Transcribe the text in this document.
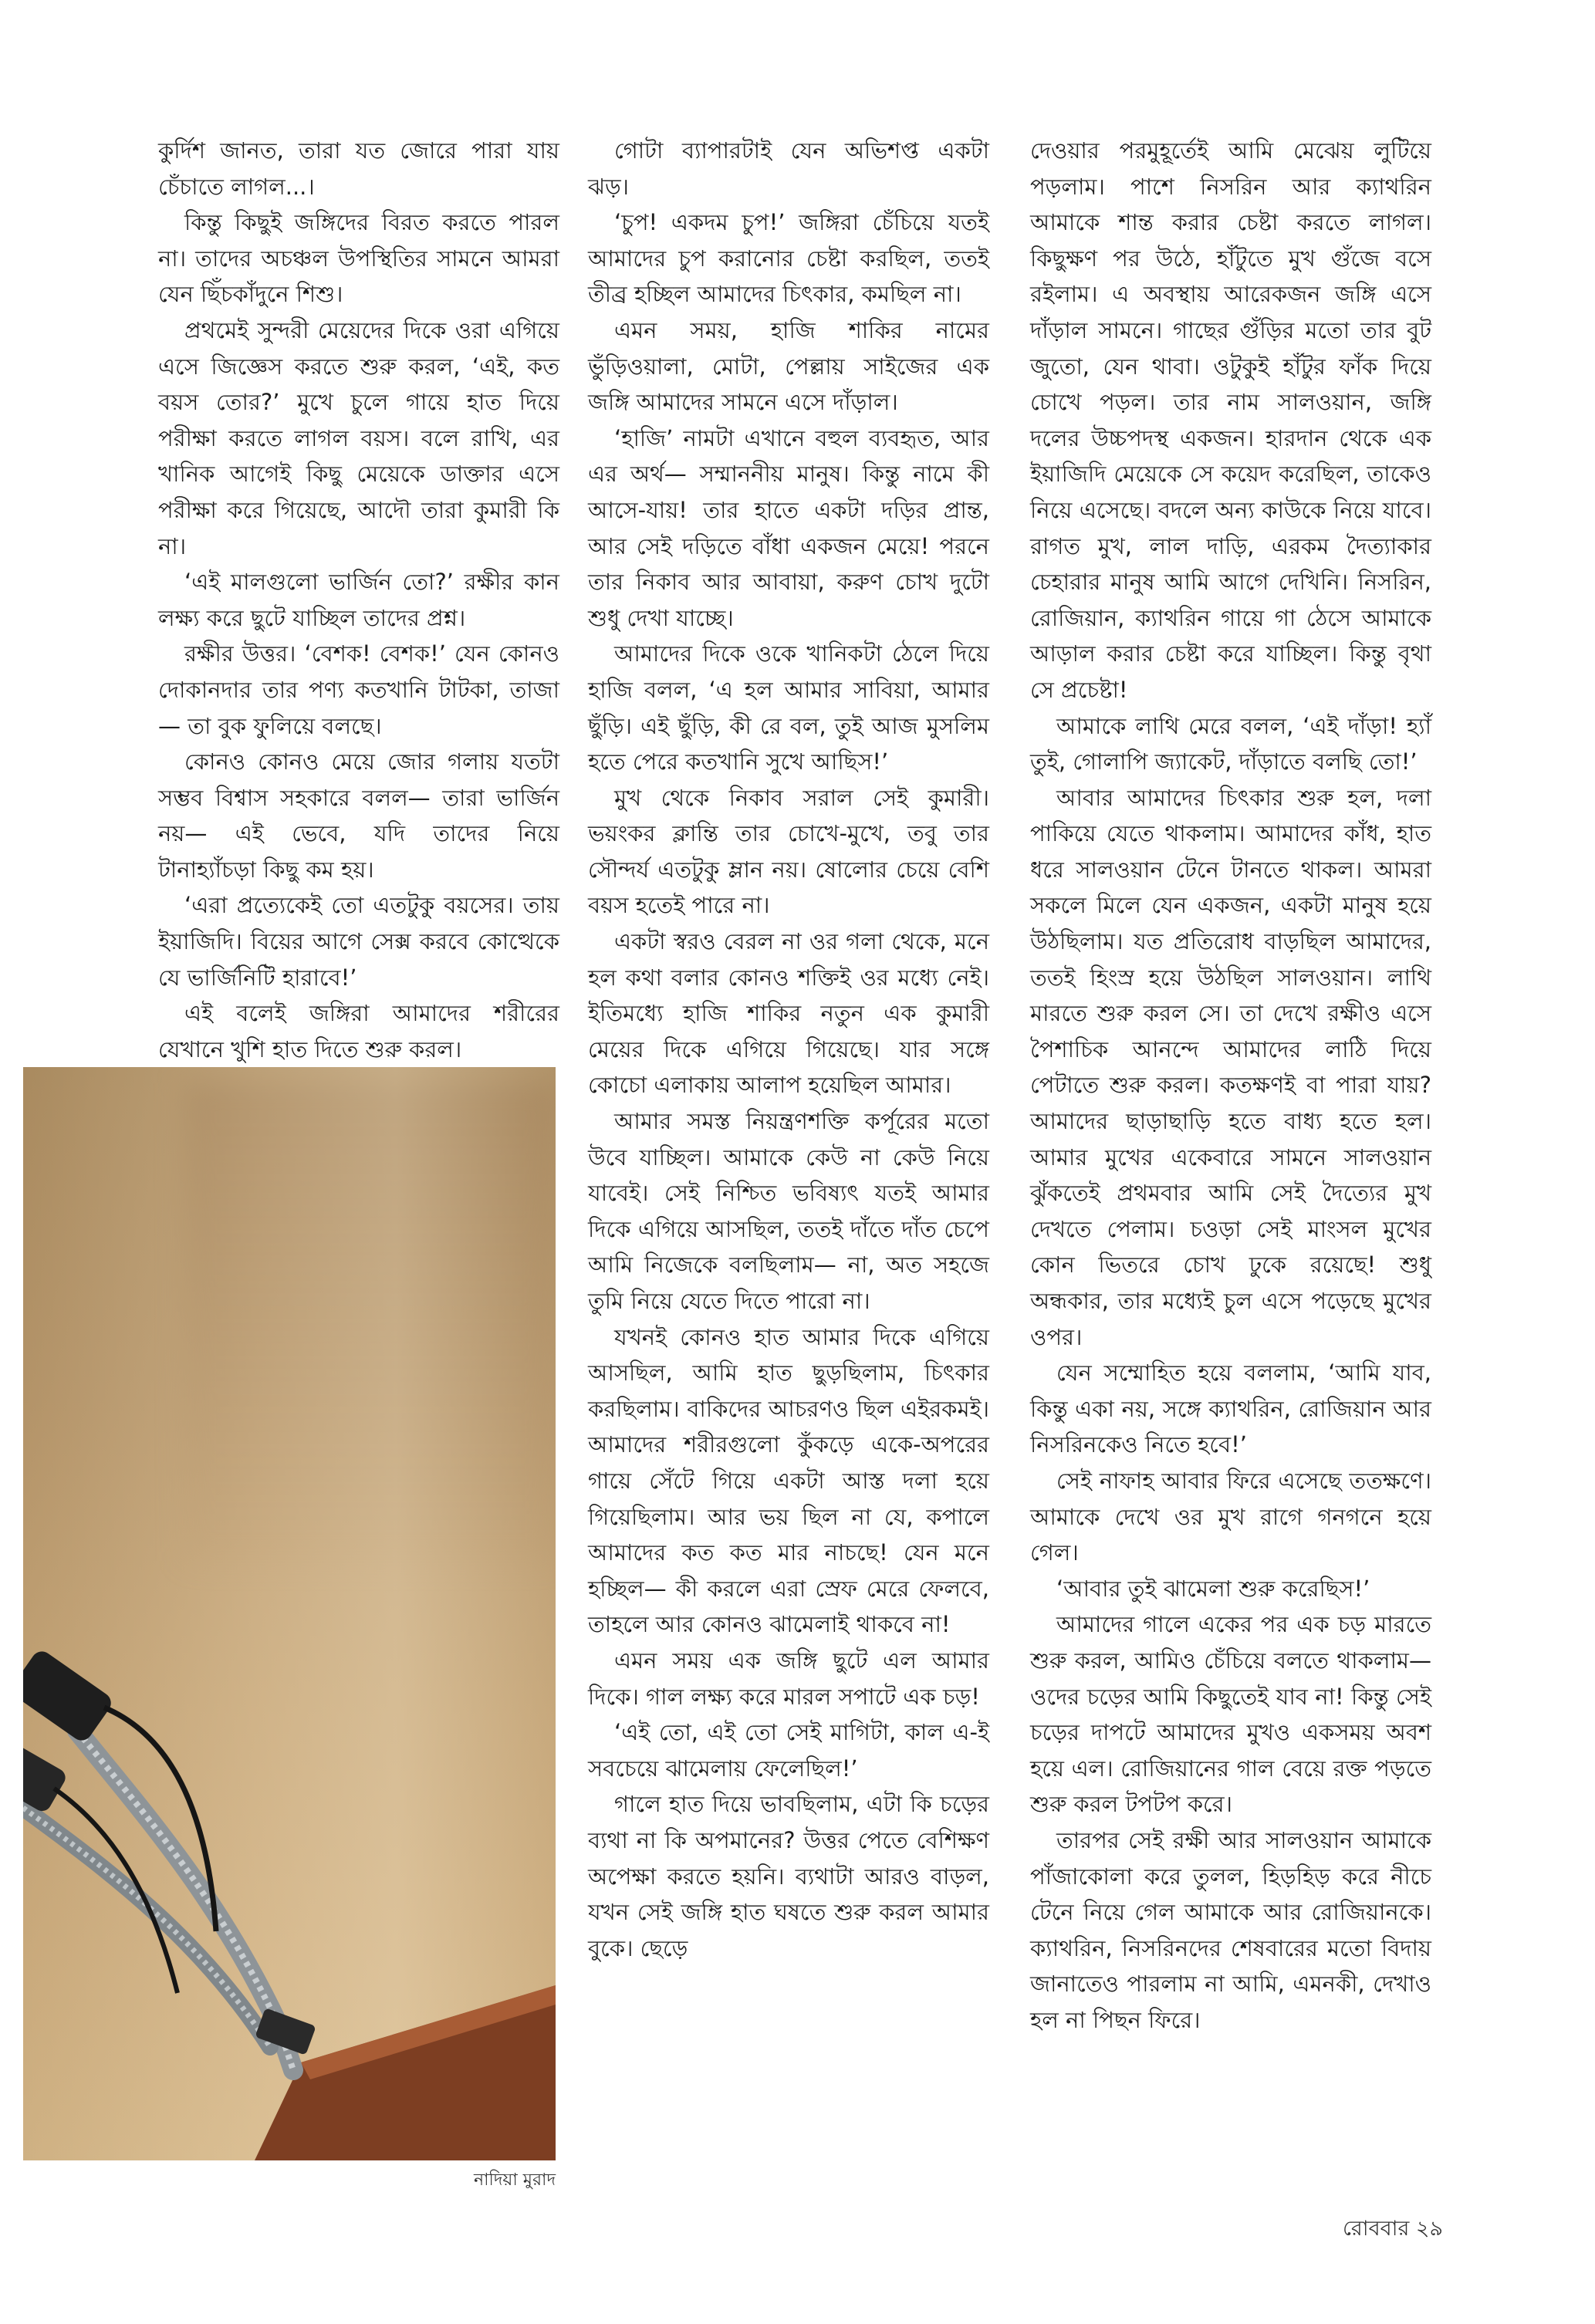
কুর্দিশ জানত, তারা যত জোরে পারা যায় চেঁচাতে লাগল...।

কিন্তু কিছুই জঙ্গিদের বিরত করতে পারল না। তাদের অচঞ্চল উপস্থিতির সামনে আমরা যেন ছিঁচকাঁদুনে শিশু।

প্রথমেই সুন্দরী মেয়েদের দিকে ওরা এগিয়ে এসে জিজ্ঞেস করতে শুরু করল, ‘এই, কত বয়স তোর?’ মুখে চুলে গায়ে হাত দিয়ে পরীক্ষা করতে লাগল বয়স। বলে রাখি, এর খানিক আগেই কিছু মেয়েকে ডাক্তার এসে পরীক্ষা করে গিয়েছে, আদৌ তারা কুমারী কি না।

‘এই মালগুলো ভার্জিন তো?’ রক্ষীর কান লক্ষ্য করে ছুটে যাচ্ছিল তাদের প্রশ্ন।

রক্ষীর উত্তর। ‘বেশক! বেশক!’ যেন কোনও দোকানদার তার পণ্য কতখানি টাটকা, তাজা— তা বুক ফুলিয়ে বলছে।

কোনও কোনও মেয়ে জোর গলায় যতটা সম্ভব বিশ্বাস সহকারে বলল— তারা ভার্জিন নয়— এই ভেবে, যদি তাদের নিয়ে টানাহ্যাঁচড়া কিছু কম হয়।

‘এরা প্রত্যেকেই তো এতটুকু বয়সের। তায় ইয়াজিদি। বিয়ের আগে সেক্স করবে কোত্থেকে যে ভার্জিনিটি হারাবে!’

এই বলেই জঙ্গিরা আমাদের শরীরের যেখানে খুশি হাত দিতে শুরু করল।

গোটা ব্যাপারটাই যেন অভিশপ্ত একটা ঝড়।

‘চুপ! একদম চুপ!’ জঙ্গিরা চেঁচিয়ে যতই আমাদের চুপ করানোর চেষ্টা করছিল, ততই তীব্র হচ্ছিল আমাদের চিৎকার, কমছিল না।

এমন সময়, হাজি শাকির নামের ভুঁড়িওয়ালা, মোটা, পেল্লায় সাইজের এক জঙ্গি আমাদের সামনে এসে দাঁড়াল।

‘হাজি’ নামটা এখানে বহুল ব্যবহৃত, আর এর অর্থ— সম্মাননীয় মানুষ। কিন্তু নামে কী আসে-যায়! তার হাতে একটা দড়ির প্রান্ত, আর সেই দড়িতে বাঁধা একজন মেয়ে! পরনে তার নিকাব আর আবায়া, করুণ চোখ দুটো শুধু দেখা যাচ্ছে।

আমাদের দিকে ওকে খানিকটা ঠেলে দিয়ে হাজি বলল, ‘এ হল আমার সাবিয়া, আমার ছুঁড়ি। এই ছুঁড়ি, কী রে বল, তুই আজ মুসলিম হতে পেরে কতখানি সুখে আছিস!’

মুখ থেকে নিকাব সরাল সেই কুমারী। ভয়ংকর ক্লান্তি তার চোখে-মুখে, তবু তার সৌন্দর্য এতটুকু ম্লান নয়। ষোলোর চেয়ে বেশি বয়স হতেই পারে না।

একটা স্বরও বেরল না ওর গলা থেকে, মনে হল কথা বলার কোনও শক্তিই ওর মধ্যে নেই। ইতিমধ্যে হাজি শাকির নতুন এক কুমারী মেয়ের দিকে এগিয়ে গিয়েছে। যার সঙ্গে কোচো এলাকায় আলাপ হয়েছিল আমার।

আমার সমস্ত নিয়ন্ত্রণশক্তি কর্পূরের মতো উবে যাচ্ছিল। আমাকে কেউ না কেউ নিয়ে যাবেই। সেই নিশ্চিত ভবিষ্যৎ যতই আমার দিকে এগিয়ে আসছিল, ততই দাঁতে দাঁত চেপে আমি নিজেকে বলছিলাম— না, অত সহজে তুমি নিয়ে যেতে দিতে পারো না।

যখনই কোনও হাত আমার দিকে এগিয়ে আসছিল, আমি হাত ছুড়ছিলাম, চিৎকার করছিলাম। বাকিদের আচরণও ছিল এইরকমই। আমাদের শরীরগুলো কুঁকড়ে একে-অপরের গায়ে সেঁটে গিয়ে একটা আস্ত দলা হয়ে গিয়েছিলাম। আর ভয় ছিল না যে, কপালে আমাদের কত কত মার নাচছে! যেন মনে হচ্ছিল— কী করলে এরা স্রেফ মেরে ফেলবে, তাহলে আর কোনও ঝামেলাই থাকবে না!

এমন সময় এক জঙ্গি ছুটে এল আমার দিকে। গাল লক্ষ্য করে মারল সপাটে এক চড়!

‘এই তো, এই তো সেই মাগিটা, কাল এ-ই সবচেয়ে ঝামেলায় ফেলেছিল!’

গালে হাত দিয়ে ভাবছিলাম, এটা কি চড়ের ব্যথা না কি অপমানের? উত্তর পেতে বেশিক্ষণ অপেক্ষা করতে হয়নি। ব্যথাটা আরও বাড়ল, যখন সেই জঙ্গি হাত ঘষতে শুরু করল আমার বুকে। ছেড়ে

দেওয়ার পরমুহূর্তেই আমি মেঝেয় লুটিয়ে পড়লাম। পাশে নিসরিন আর ক্যাথরিন আমাকে শান্ত করার চেষ্টা করতে লাগল। কিছুক্ষণ পর উঠে, হাঁটুতে মুখ গুঁজে বসে রইলাম। এ অবস্থায় আরেকজন জঙ্গি এসে দাঁড়াল সামনে। গাছের গুঁড়ির মতো তার বুট জুতো, যেন থাবা। ওটুকুই হাঁটুর ফাঁক দিয়ে চোখে পড়ল। তার নাম সালওয়ান, জঙ্গি দলের উচ্চপদস্থ একজন। হারদান থেকে এক ইয়াজিদি মেয়েকে সে কয়েদ করেছিল, তাকেও নিয়ে এসেছে। বদলে অন্য কাউকে নিয়ে যাবে। রাগত মুখ, লাল দাড়ি, এরকম দৈত্যাকার চেহারার মানুষ আমি আগে দেখিনি। নিসরিন, রোজিয়ান, ক্যাথরিন গায়ে গা ঠেসে আমাকে আড়াল করার চেষ্টা করে যাচ্ছিল। কিন্তু বৃথা সে প্রচেষ্টা!

আমাকে লাথি মেরে বলল, ‘এই দাঁড়া! হ্যাঁ তুই, গোলাপি জ্যাকেট, দাঁড়াতে বলছি তো!’

আবার আমাদের চিৎকার শুরু হল, দলা পাকিয়ে যেতে থাকলাম। আমাদের কাঁধ, হাত ধরে সালওয়ান টেনে টানতে থাকল। আমরা সকলে মিলে যেন একজন, একটা মানুষ হয়ে উঠছিলাম। যত প্রতিরোধ বাড়ছিল আমাদের, ততই হিংস্র হয়ে উঠছিল সালওয়ান। লাথি মারতে শুরু করল সে। তা দেখে রক্ষীও এসে পৈশাচিক আনন্দে আমাদের লাঠি দিয়ে পেটাতে শুরু করল। কতক্ষণই বা পারা যায়? আমাদের ছাড়াছাড়ি হতে বাধ্য হতে হল। আমার মুখের একেবারে সামনে সালওয়ান ঝুঁকতেই প্রথমবার আমি সেই দৈত্যের মুখ দেখতে পেলাম। চওড়া সেই মাংসল মুখের কোন ভিতরে চোখ ঢুকে রয়েছে! শুধু অন্ধকার, তার মধ্যেই চুল এসে পড়েছে মুখের ওপর।

যেন সম্মোহিত হয়ে বললাম, ‘আমি যাব, কিন্তু একা নয়, সঙ্গে ক্যাথরিন, রোজিয়ান আর নিসরিনকেও নিতে হবে!’

সেই নাফাহ আবার ফিরে এসেছে ততক্ষণে। আমাকে দেখে ওর মুখ রাগে গনগনে হয়ে গেল।

‘আবার তুই ঝামেলা শুরু করেছিস!’

আমাদের গালে একের পর এক চড় মারতে শুরু করল, আমিও চেঁচিয়ে বলতে থাকলাম— ওদের চড়ের আমি কিছুতেই যাব না! কিন্তু সেই চড়ের দাপটে আমাদের মুখও একসময় অবশ হয়ে এল। রোজিয়ানের গাল বেয়ে রক্ত পড়তে শুরু করল টপটপ করে।

তারপর সেই রক্ষী আর সালওয়ান আমাকে পাঁজাকোলা করে তুলল, হিড়হিড় করে নীচে টেনে নিয়ে গেল আমাকে আর রোজিয়ানকে। ক্যাথরিন, নিসরিনদের শেষবারের মতো বিদায় জানাতেও পারলাম না আমি, এমনকী, দেখাও হল না পিছন ফিরে।

নাদিয়া মুরাদ
রোববার ২৯
